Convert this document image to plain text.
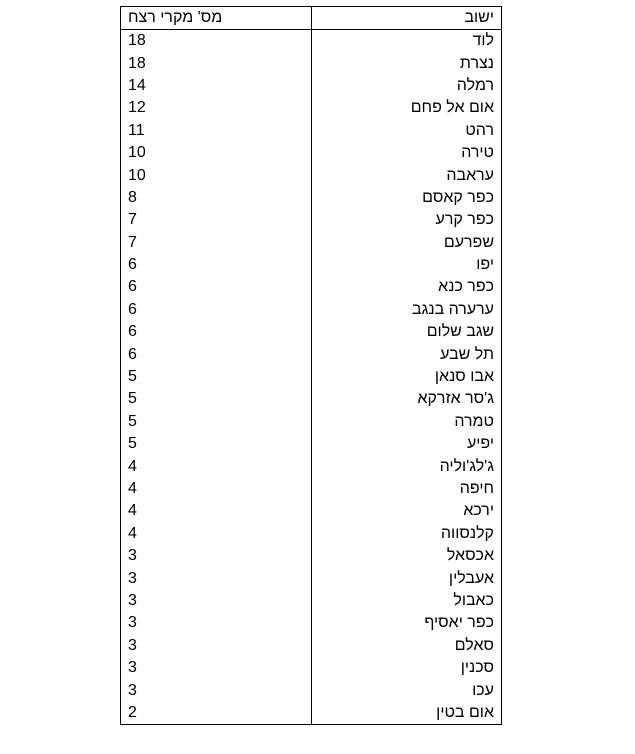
ישוב	מס' מקרי רצח
לוד	18
נצרת	18
רמלה	14
אום אל פחם	12
רהט	11
טירה	10
עראבה	10
כפר קאסם	8
כפר קרע	7
שפרעם	7
יפו	6
כפר כנא	6
ערערה בנגב	6
שגב שלום	6
תל שבע	6
אבו סנאן	5
ג'סר אזרקא	5
טמרה	5
יפיע	5
ג'לג'וליה	4
חיפה	4
ירכא	4
קלנסווה	4
אכסאל	3
אעבלין	3
כאבול	3
כפר יאסיף	3
סאלם	3
סכנין	3
עכו	3
אום בטין	2
